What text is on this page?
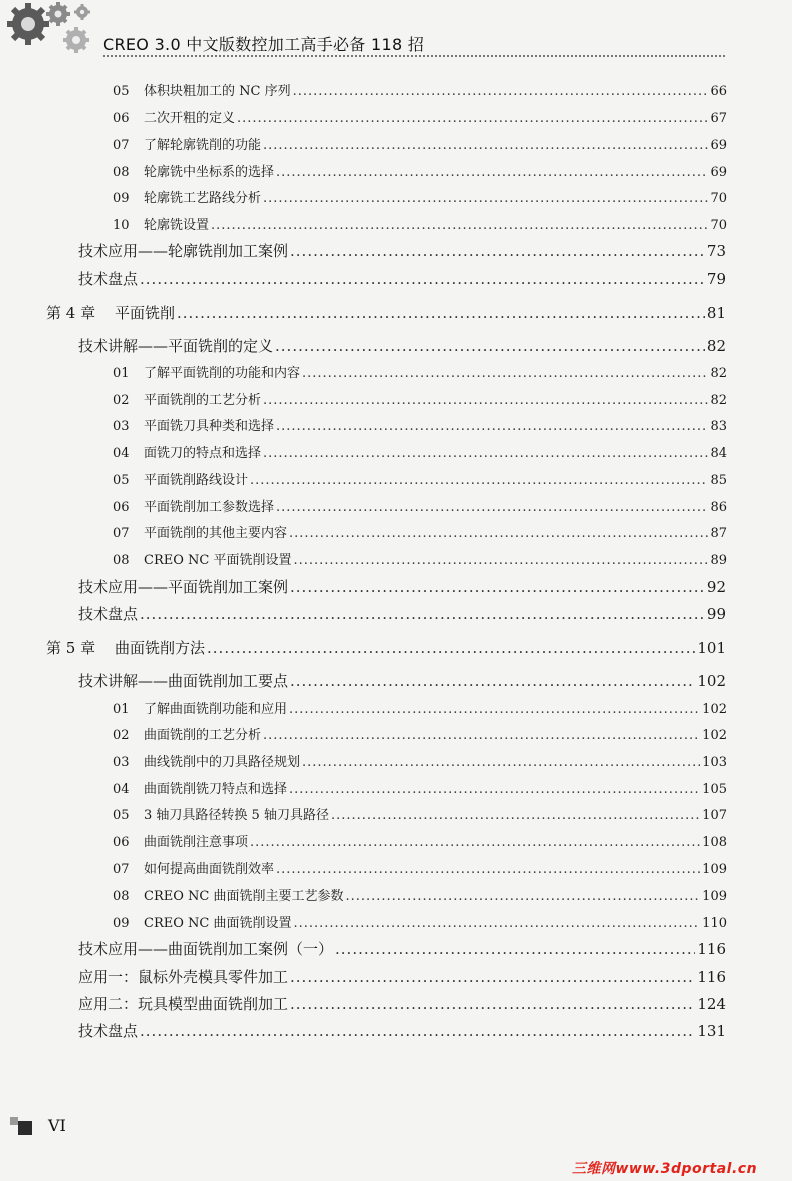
CREO 3.0 中文版数控加工高手必备 118 招
05	体积块粗加工的 NC 序列 .....	66
06	二次开粗的定义 .....	67
07	了解轮廓铣削的功能 .....	69
08	轮廓铣中坐标系的选择 .....	69
09	轮廓铣工艺路线分析 .....	70
10	轮廓铣设置 .....	70
技术应用——轮廓铣削加工案例 .....	73
技术盘点 .....	79
第 4 章	平面铣削 .....	81
技术讲解——平面铣削的定义 .....	82
01	了解平面铣削的功能和内容 .....	82
02	平面铣削的工艺分析 .....	82
03	平面铣刀具种类和选择 .....	83
04	面铣刀的特点和选择 .....	84
05	平面铣削路线设计 .....	85
06	平面铣削加工参数选择 .....	86
07	平面铣削的其他主要内容 .....	87
08	CREO NC 平面铣削设置 .....	89
技术应用——平面铣削加工案例 .....	92
技术盘点 .....	99
第 5 章	曲面铣削方法 .....	101
技术讲解——曲面铣削加工要点 .....	102
01	了解曲面铣削功能和应用 .....	102
02	曲面铣削的工艺分析 .....	102
03	曲线铣削中的刀具路径规划 .....	103
04	曲面铣削铣刀特点和选择 .....	105
05	3 轴刀具路径转换 5 轴刀具路径 .....	107
06	曲面铣削注意事项 .....	108
07	如何提高曲面铣削效率 .....	109
08	CREO NC 曲面铣削主要工艺参数 .....	109
09	CREO NC 曲面铣削设置 .....	110
技术应用——曲面铣削加工案例（一） .....	116
应用一：鼠标外壳模具零件加工 .....	116
应用二：玩具模型曲面铣削加工 .....	124
技术盘点 .....	131
VI
三维网www.3dportal.cn
